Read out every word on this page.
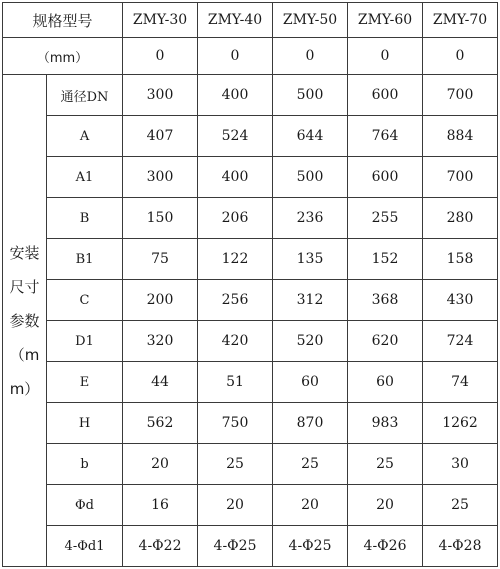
规格型号		ZMY-30	ZMY-40	ZMY-50	ZMY-60	ZMY-70
（mm）		0	0	0	0	0
安装尺寸参数（mm）	通径DN	300	400	500	600	700
	A	407	524	644	764	884
	A1	300	400	500	600	700
	B	150	206	236	255	280
	B1	75	122	135	152	158
	C	200	256	312	368	430
	D1	320	420	520	620	724
	E	44	51	60	60	74
	H	562	750	870	983	1262
	b	20	25	25	25	30
	Φd	16	20	20	20	25
	4-Φd1	4-Φ22	4-Φ25	4-Φ25	4-Φ26	4-Φ28
